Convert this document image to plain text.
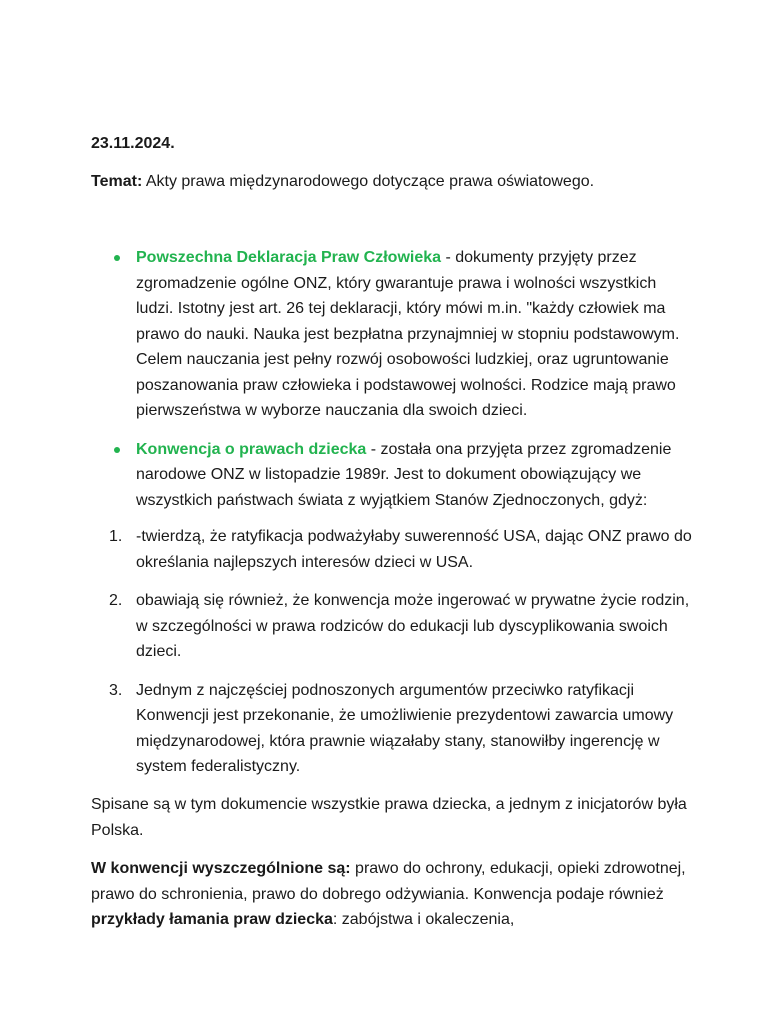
23.11.2024.
Temat: Akty prawa międzynarodowego dotyczące prawa oświatowego.
Powszechna Deklaracja Praw Człowieka - dokumenty przyjęty przez zgromadzenie ogólne ONZ, który gwarantuje prawa i wolności wszystkich ludzi. Istotny jest art. 26 tej deklaracji, który mówi m.in. "każdy człowiek ma prawo do nauki. Nauka jest bezpłatna przynajmniej w stopniu podstawowym. Celem nauczania jest pełny rozwój osobowości ludzkiej, oraz ugruntowanie poszanowania praw człowieka i podstawowej wolności. Rodzice mają prawo pierwszeństwa w wyborze nauczania dla swoich dzieci.
Konwencja o prawach dziecka - została ona przyjęta przez zgromadzenie narodowe ONZ w listopadzie 1989r. Jest to dokument obowiązujący we wszystkich państwach świata z wyjątkiem Stanów Zjednoczonych, gdyż:
1. -twierdzą, że ratyfikacja podważyłaby suwerenność USA, dając ONZ prawo do określania najlepszych interesów dzieci w USA.
2. obawiają się również, że konwencja może ingerować w prywatne życie rodzin, w szczególności w prawa rodziców do edukacji lub dyscyplikowania swoich dzieci.
3. Jednym z najczęściej podnoszonych argumentów przeciwko ratyfikacji Konwencji jest przekonanie, że umożliwienie prezydentowi zawarcia umowy międzynarodowej, która prawnie wiązałaby stany, stanowiłby ingerencję w system federalistyczny.

Spisane są w tym dokumencie wszystkie prawa dziecka, a jednym z inicjatorów była Polska.

W konwencji wyszczególnione są: prawo do ochrony, edukacji, opieki zdrowotnej, prawo do schronienia, prawo do dobrego odżywiania. Konwencja podaje również przykłady łamania praw dziecka: zabójstwa i okaleczenia,
